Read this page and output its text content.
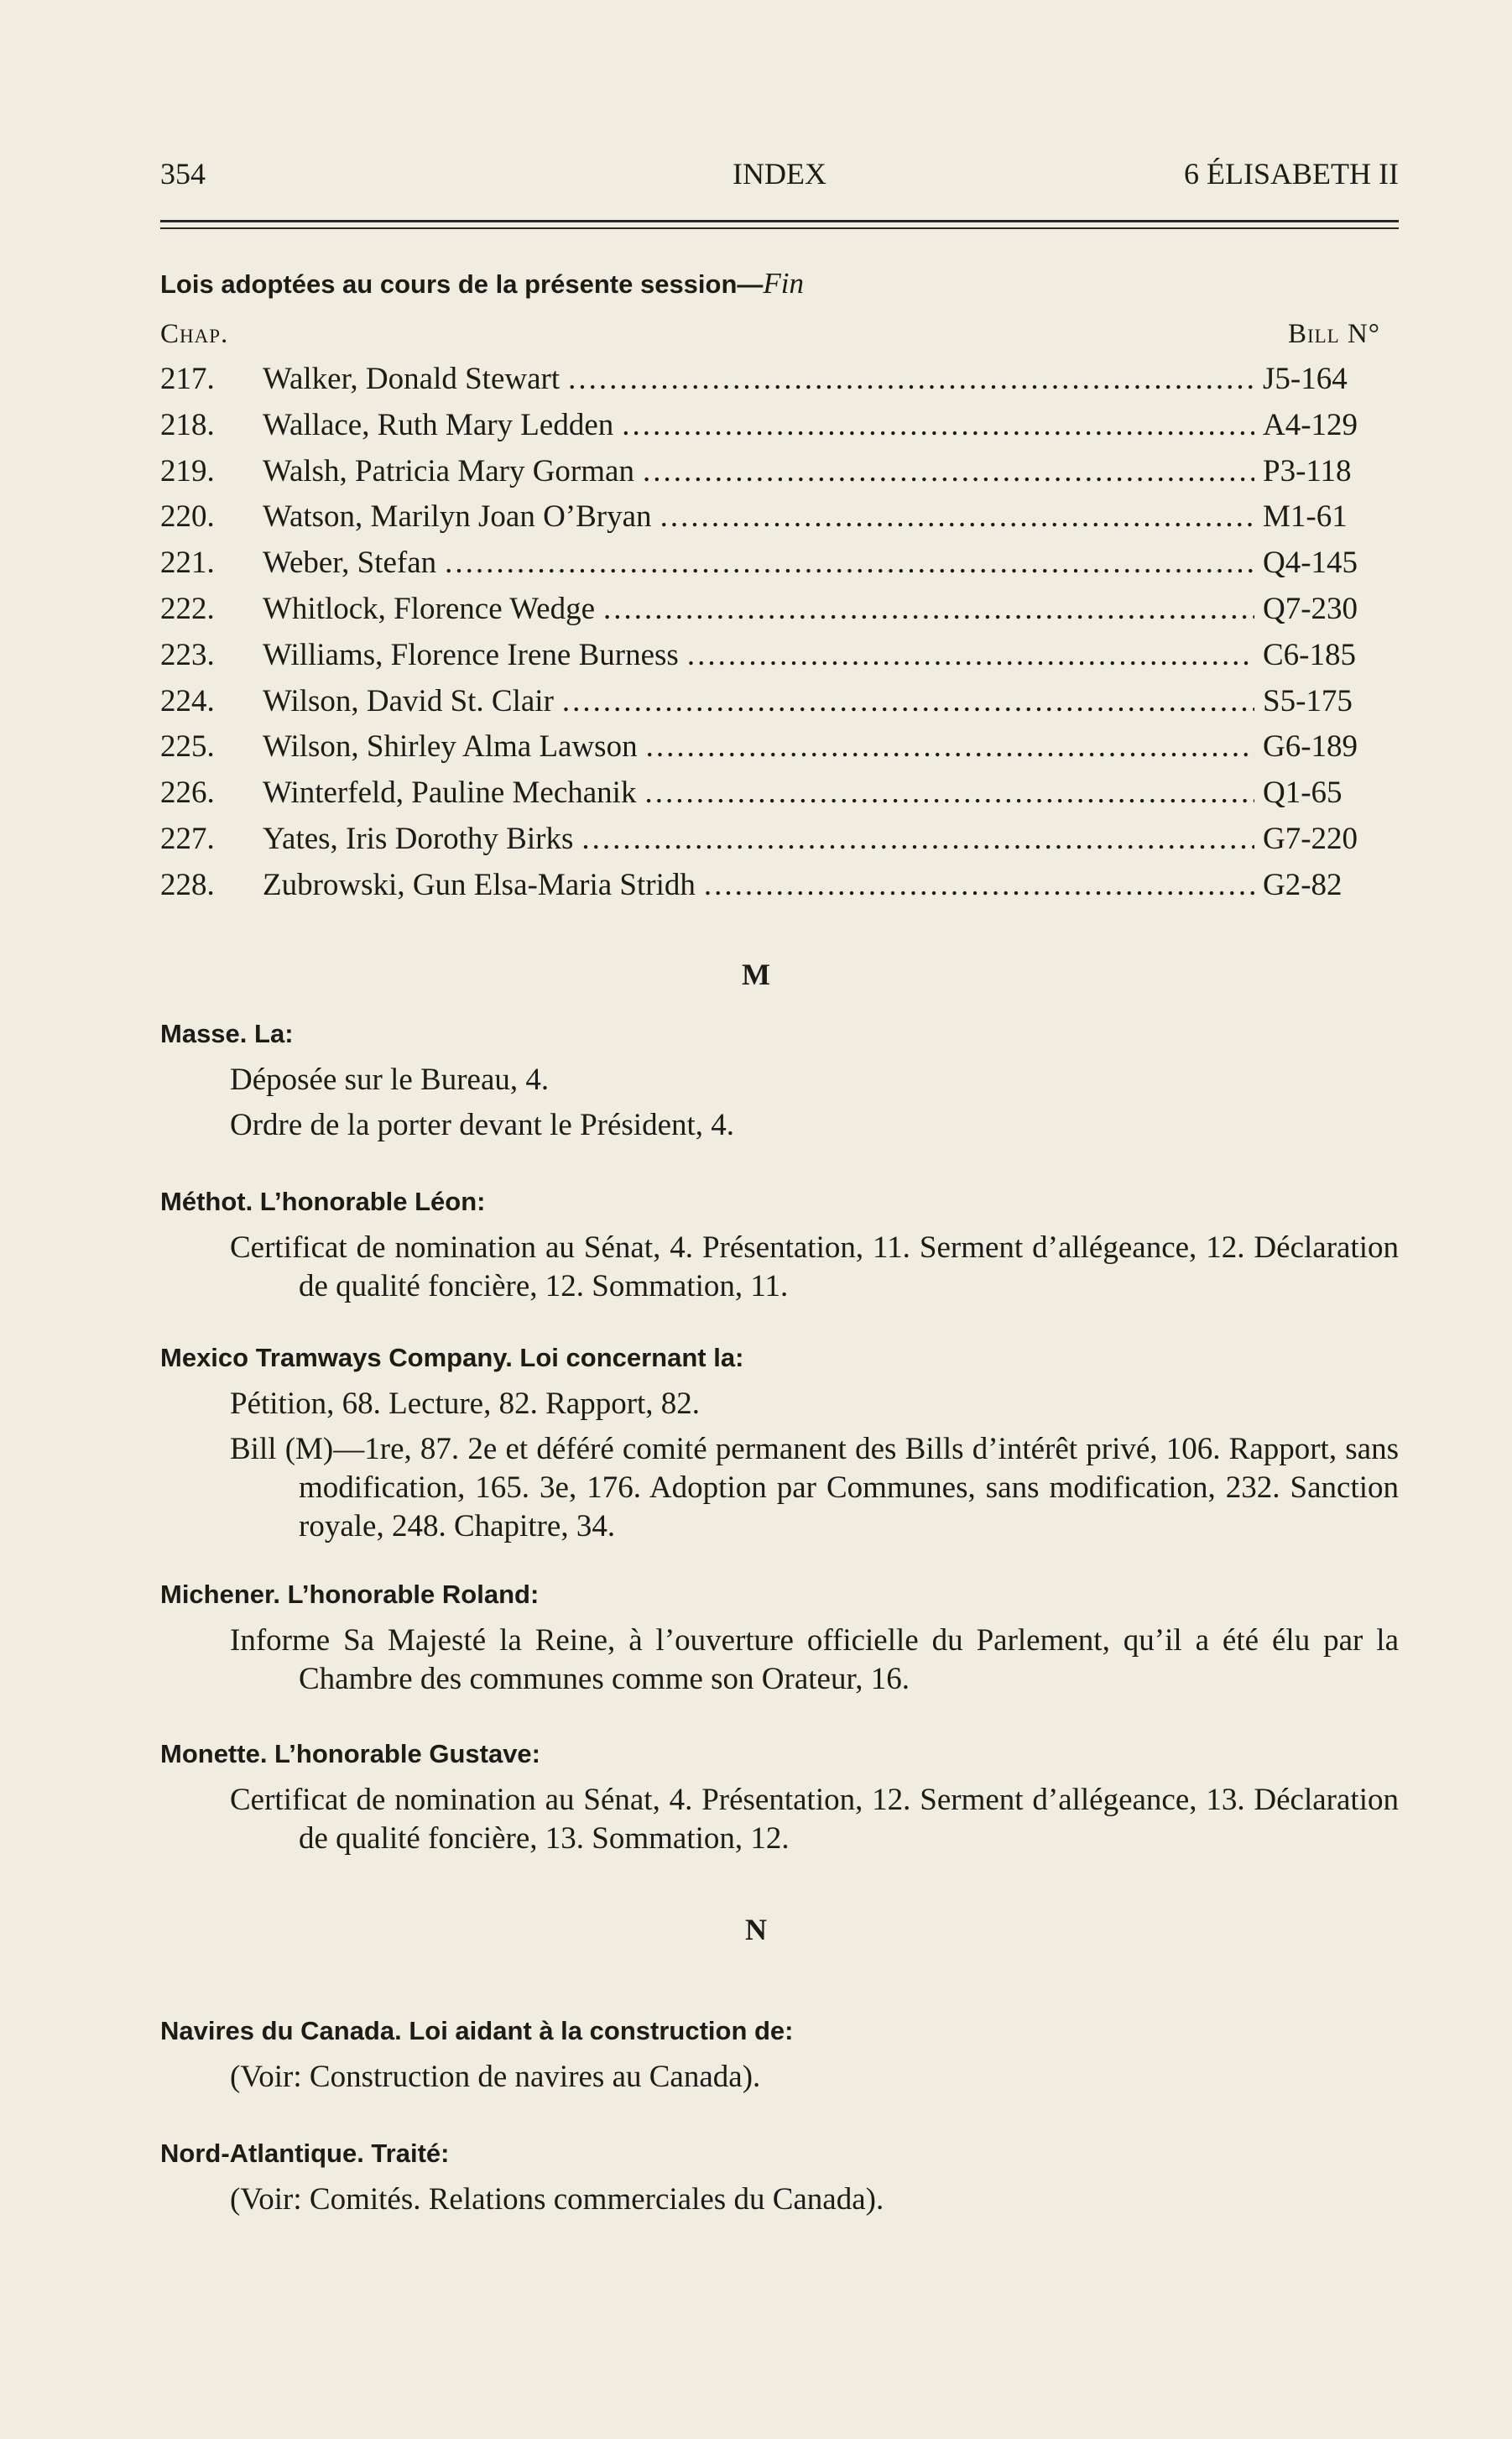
354	INDEX	6 ÉLISABETH II
Lois adoptées au cours de la présente session—Fin
Chap.	Bill N°
217.	Walker, Donald Stewart .....	J5-164
218.	Wallace, Ruth Mary Ledden .....	A4-129
219.	Walsh, Patricia Mary Gorman .....	P3-118
220.	Watson, Marilyn Joan O’Bryan .....	M1-61
221.	Weber, Stefan .....	Q4-145
222.	Whitlock, Florence Wedge .....	Q7-230
223.	Williams, Florence Irene Burness .....	C6-185
224.	Wilson, David St. Clair .....	S5-175
225.	Wilson, Shirley Alma Lawson .....	G6-189
226.	Winterfeld, Pauline Mechanik .....	Q1-65
227.	Yates, Iris Dorothy Birks .....	G7-220
228.	Zubrowski, Gun Elsa-Maria Stridh .....	G2-82
M
Masse. La:

Déposée sur le Bureau, 4.

Ordre de la porter devant le Président, 4.

Méthot. L’honorable Léon:

Certificat de nomination au Sénat, 4. Présentation, 11. Serment d’allégeance, 12. Déclaration de qualité foncière, 12. Sommation, 11.

Mexico Tramways Company. Loi concernant la:

Pétition, 68. Lecture, 82. Rapport, 82.

Bill (M)—1re, 87. 2e et déféré comité permanent des Bills d’intérêt privé, 106. Rapport, sans modification, 165. 3e, 176. Adoption par Communes, sans modification, 232. Sanction royale, 248. Chapitre, 34.

Michener. L’honorable Roland:

Informe Sa Majesté la Reine, à l’ouverture officielle du Parlement, qu’il a été élu par la Chambre des communes comme son Orateur, 16.

Monette. L’honorable Gustave:

Certificat de nomination au Sénat, 4. Présentation, 12. Serment d’allégeance, 13. Déclaration de qualité foncière, 13. Sommation, 12.

N
Navires du Canada. Loi aidant à la construction de:

(Voir: Construction de navires au Canada).

Nord-Atlantique. Traité:

(Voir: Comités. Relations commerciales du Canada).
